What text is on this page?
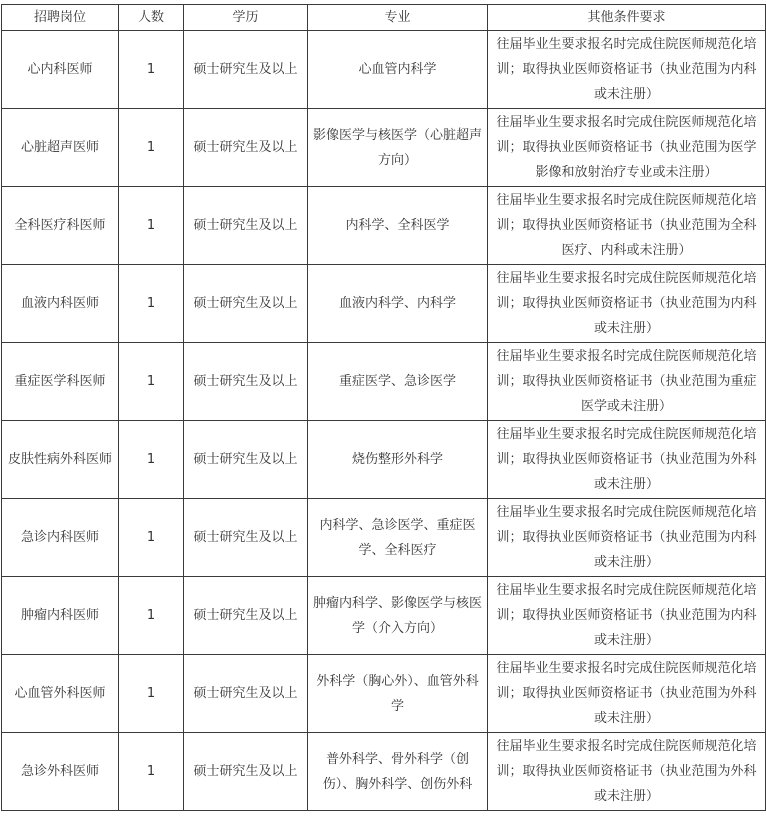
招聘岗位	人数	学历	专业	其他条件要求
心内科医师	1	硕士研究生及以上	心血管内科学	往届毕业生要求报名时完成住院医师规范化培训；取得执业医师资格证书（执业范围为内科或未注册）
心脏超声医师	1	硕士研究生及以上	影像医学与核医学（心脏超声方向）	往届毕业生要求报名时完成住院医师规范化培训；取得执业医师资格证书（执业范围为医学影像和放射治疗专业或未注册）
全科医疗科医师	1	硕士研究生及以上	内科学、全科医学	往届毕业生要求报名时完成住院医师规范化培训；取得执业医师资格证书（执业范围为全科医疗、内科或未注册）
血液内科医师	1	硕士研究生及以上	血液内科学、内科学	往届毕业生要求报名时完成住院医师规范化培训；取得执业医师资格证书（执业范围为内科或未注册）
重症医学科医师	1	硕士研究生及以上	重症医学、急诊医学	往届毕业生要求报名时完成住院医师规范化培训；取得执业医师资格证书（执业范围为重症医学或未注册）
皮肤性病外科医师	1	硕士研究生及以上	烧伤整形外科学	往届毕业生要求报名时完成住院医师规范化培训；取得执业医师资格证书（执业范围为外科或未注册）
急诊内科医师	1	硕士研究生及以上	内科学、急诊医学、重症医学、全科医疗	往届毕业生要求报名时完成住院医师规范化培训；取得执业医师资格证书（执业范围为内科或未注册）
肿瘤内科医师	1	硕士研究生及以上	肿瘤内科学、影像医学与核医学（介入方向）	往届毕业生要求报名时完成住院医师规范化培训；取得执业医师资格证书（执业范围为内科或未注册）
心血管外科医师	1	硕士研究生及以上	外科学（胸心外）、血管外科学	往届毕业生要求报名时完成住院医师规范化培训；取得执业医师资格证书（执业范围为外科或未注册）
急诊外科医师	1	硕士研究生及以上	普外科学、骨外科学（创伤）、胸外科学、创伤外科	往届毕业生要求报名时完成住院医师规范化培训；取得执业医师资格证书（执业范围为外科或未注册）
